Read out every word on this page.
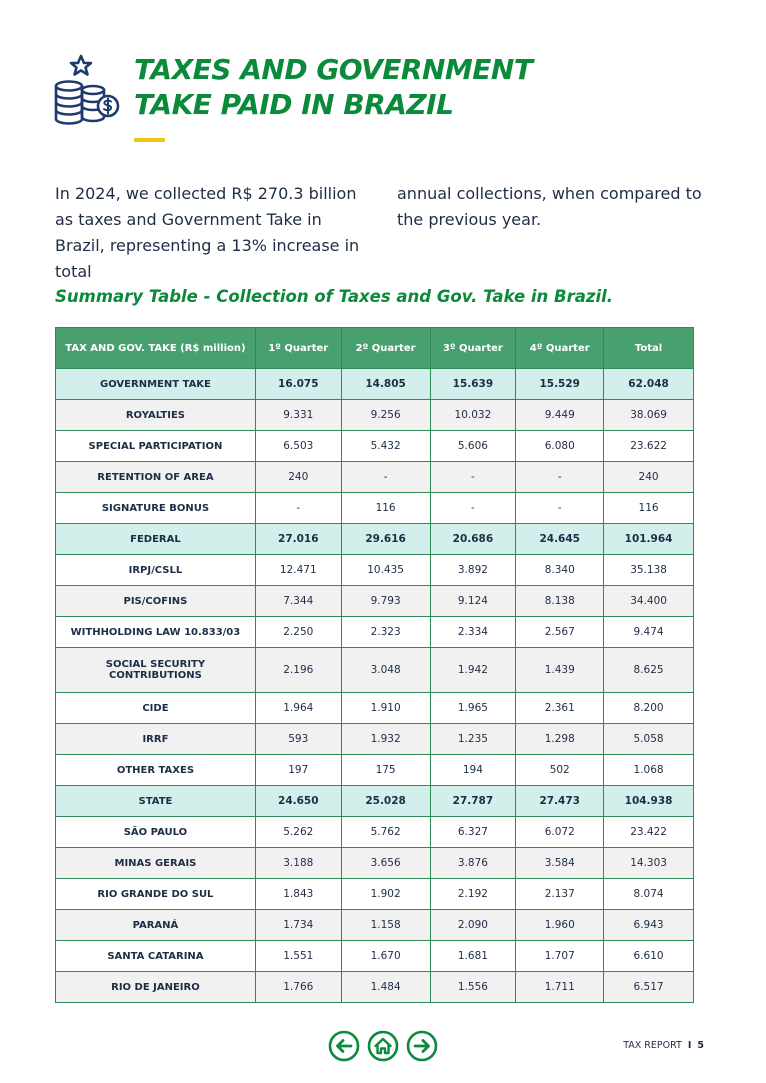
TAXES AND GOVERNMENT
TAKE PAID IN BRAZIL

In 2024, we collected R$ 270.3 billion as taxes and Government Take in Brazil, representing a 13% increase in total

annual collections, when compared to the previous year.

Summary Table - Collection of Taxes and Gov. Take in Brazil.
TAX AND GOV. TAKE (R$ million)	1º Quarter	2º Quarter	3º Quarter	4º Quarter	Total
GOVERNMENT TAKE	16.075	14.805	15.639	15.529	62.048
ROYALTIES	9.331	9.256	10.032	9.449	38.069
SPECIAL PARTICIPATION	6.503	5.432	5.606	6.080	23.622
RETENTION OF AREA	240	-	-	-	240
SIGNATURE BONUS	-	116	-	-	116
FEDERAL	27.016	29.616	20.686	24.645	101.964
IRPJ/CSLL	12.471	10.435	3.892	8.340	35.138
PIS/COFINS	7.344	9.793	9.124	8.138	34.400
WITHHOLDING LAW 10.833/03	2.250	2.323	2.334	2.567	9.474
SOCIAL SECURITY CONTRIBUTIONS	2.196	3.048	1.942	1.439	8.625
CIDE	1.964	1.910	1.965	2.361	8.200
IRRF	593	1.932	1.235	1.298	5.058
OTHER TAXES	197	175	194	502	1.068
STATE	24.650	25.028	27.787	27.473	104.938
SÃO PAULO	5.262	5.762	6.327	6.072	23.422
MINAS GERAIS	3.188	3.656	3.876	3.584	14.303
RIO GRANDE DO SUL	1.843	1.902	2.192	2.137	8.074
PARANÁ	1.734	1.158	2.090	1.960	6.943
SANTA CATARINA	1.551	1.670	1.681	1.707	6.610
RIO DE JANEIRO	1.766	1.484	1.556	1.711	6.517
TAX REPORT I 5
